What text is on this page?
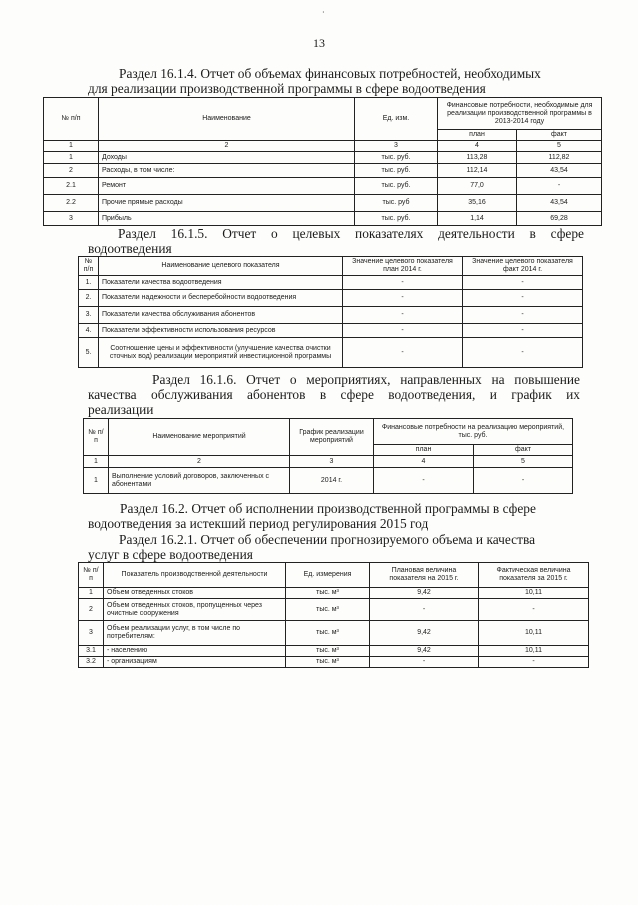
·
13
Раздел 16.1.4. Отчет об объемах финансовых потребностей, необходимых
для реализации производственной программы в сфере водоотведения
№ п/п	Наименование	Ед. изм.	Финансовые потребности, необходимые для реализации производственной программы в 2013-2014 году	
			план	факт
1	2	3	4	5
1	Доходы	тыс. руб.	113,28	112,82
2	Расходы, в том числе:	тыс. руб.	112,14	43,54
2.1	Ремонт	тыс. руб.	77,0	-
2.2	Прочие прямые расходы	тыс. руб	35,16	43,54
3	Прибыль	тыс. руб.	1,14	69,28
Раздел 16.1.5. Отчет о целевых показателях деятельности в сфере
водоотведения
№ п/п	Наименование целевого показателя	Значение целевого показателя план 2014 г.	Значение целевого показателя факт 2014 г.
1.	Показатели качества водоотведения	-	-
2.	Показатели надежности и бесперебойности водоотведения	-	-
3.	Показатели качества обслуживания абонентов	-	-
4.	Показатели эффективности использования ресурсов	-	-
5.	Соотношение цены и эффективности (улучшение качества очистки сточных вод) реализации мероприятий инвестиционной программы	-	-
Раздел 16.1.6. Отчет о мероприятиях, направленных на повышение
качества обслуживания абонентов в сфере водоотведения, и график их
реализации
№ п/п	Наименование мероприятий	График реализации мероприятий	Финансовые потребности на реализацию мероприятий, тыс. руб.	
			план	факт
1	2	3	4	5
1	Выполнение условий договоров, заключенных с абонентами	2014 г.	-	-
Раздел 16.2. Отчет об исполнении производственной программы в сфере
водоотведения за истекший период регулирования 2015 год
Раздел 16.2.1. Отчет об обеспечении прогнозируемого объема и качества
услуг в сфере водоотведения
№ п/п	Показатель производственной деятельности	Ед. измерения	Плановая величина показателя на 2015 г.	Фактическая величина показателя за 2015 г.
1	Объем отведенных стоков	тыс. м³	9,42	10,11
2	Объем отведенных стоков, пропущенных через очистные сооружения	тыс. м³	-	-
3	Объем реализации услуг, в том числе по потребителям:	тыс. м³	9,42	10,11
3.1	- населению	тыс. м³	9,42	10,11
3.2	- организациям	тыс. м³	-	-
